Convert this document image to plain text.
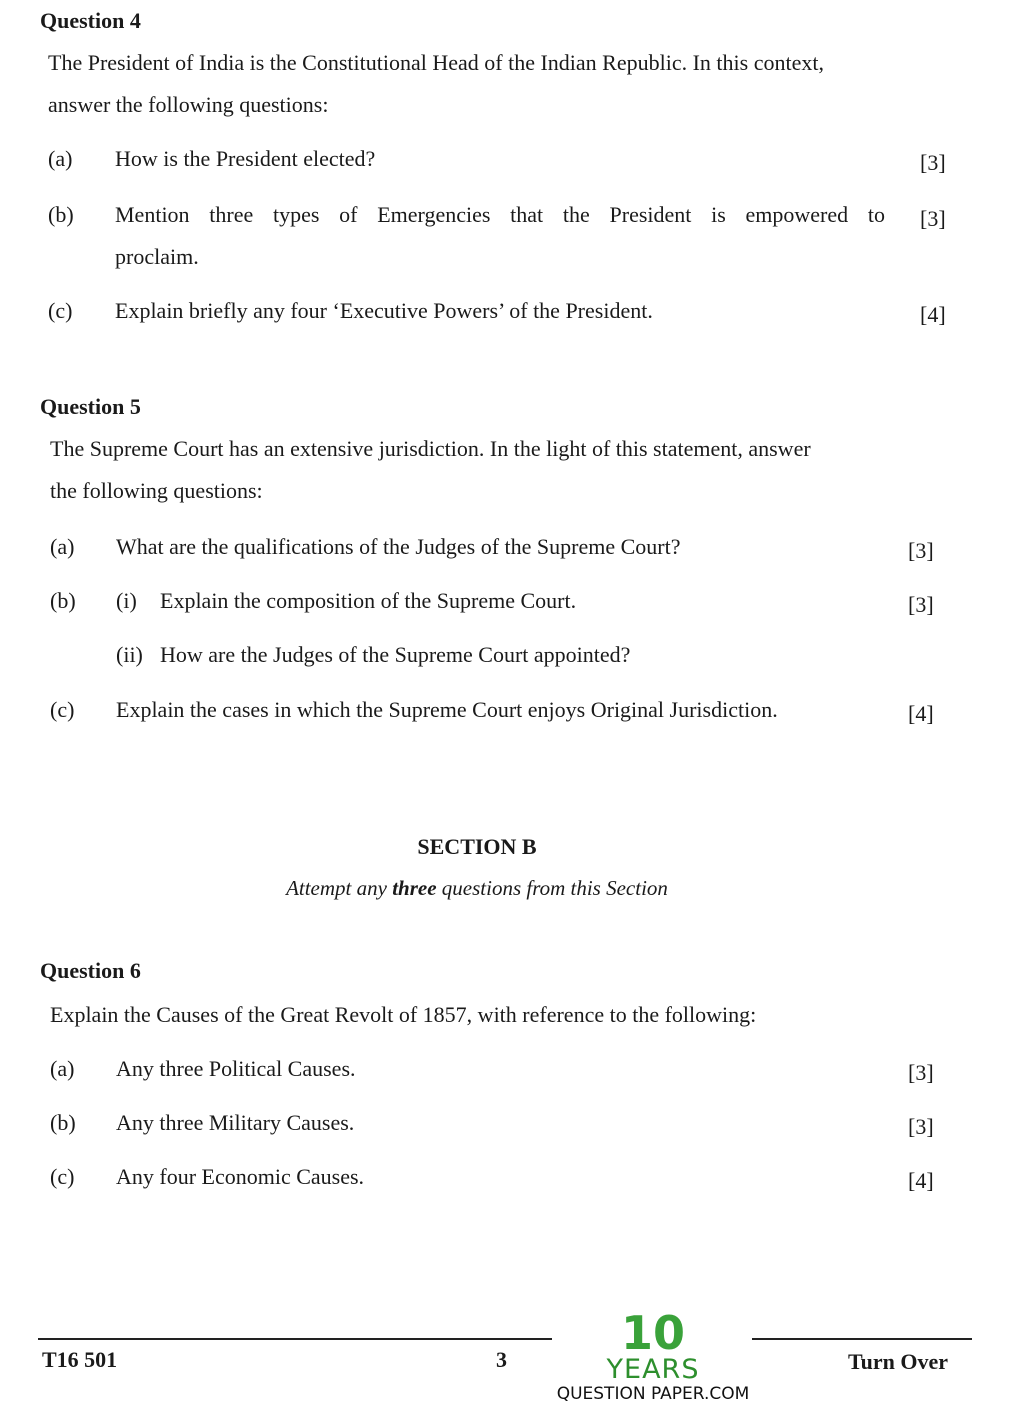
Question 4
The President of India is the Constitutional Head of the Indian Republic. In this context,
answer the following questions:
(a) How is the President elected?	[3]
(b) Mention three types of Emergencies that the President is empowered to
proclaim.
[3]
(c) Explain briefly any four ‘Executive Powers’ of the President.	[4]
Question 5
The Supreme Court has an extensive jurisdiction. In the light of this statement, answer
the following questions:
(a) What are the qualifications of the Judges of the Supreme Court?	[3]
(b) (i) Explain the composition of the Supreme Court.	[3]
(ii) How are the Judges of the Supreme Court appointed?
(c) Explain the cases in which the Supreme Court enjoys Original Jurisdiction.	[4]
SECTION B
Attempt any three questions from this Section
Question 6
Explain the Causes of the Great Revolt of 1857, with reference to the following:
(a) Any three Political Causes.	[3]
(b) Any three Military Causes.	[3]
(c) Any four Economic Causes.	[4]
T16 501	3	Turn Over
10
YEARS
QUESTION PAPER.COM
